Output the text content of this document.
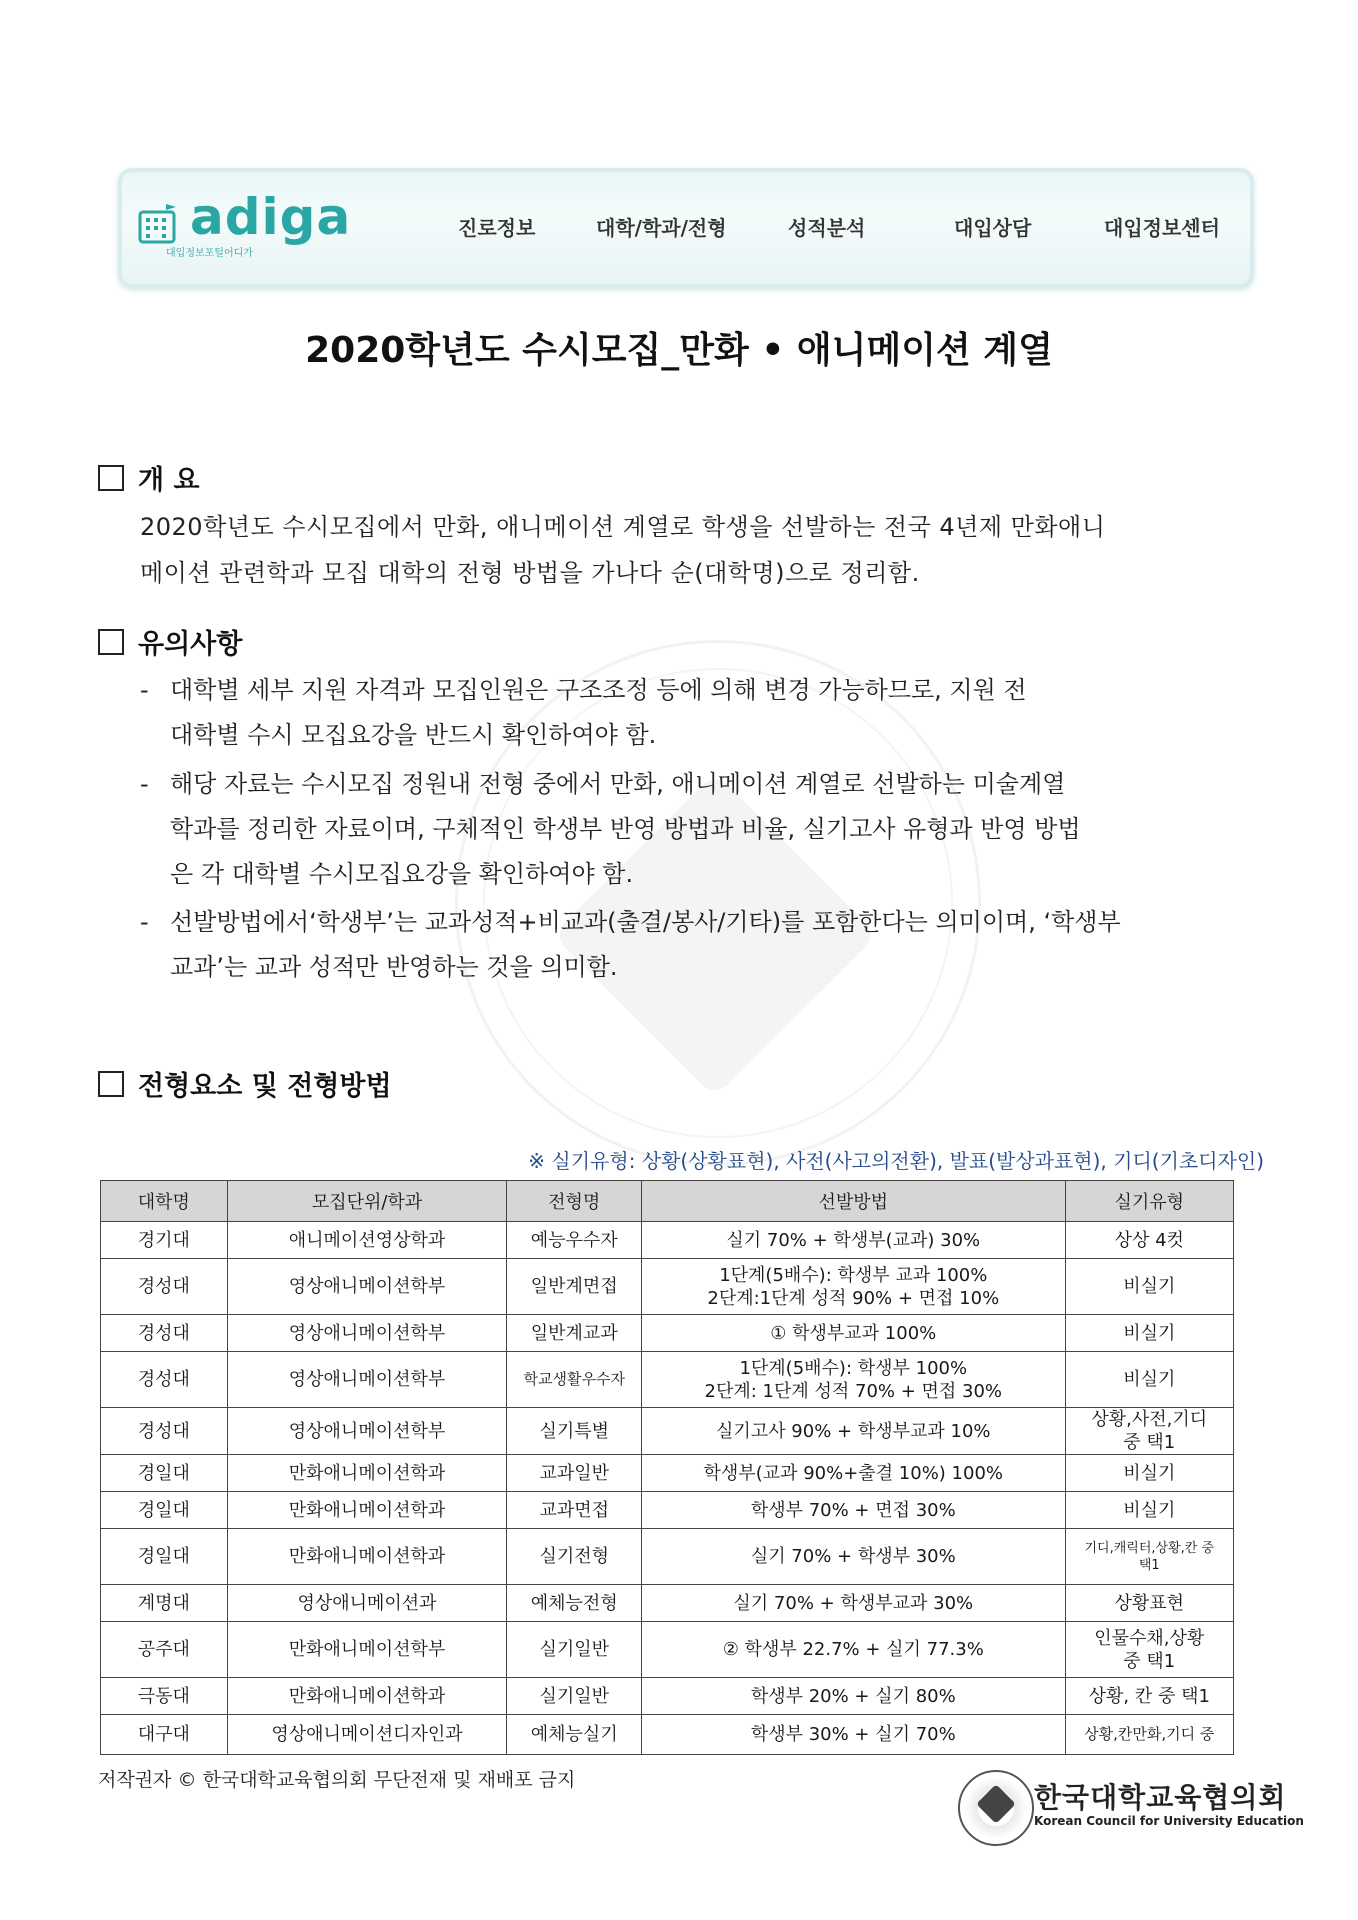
adiga
대입정보포털어디가
진로정보	대학/학과/전형	성적분석	대입상담	대입정보센터
2020학년도 수시모집_만화 • 애니메이션 계열
개 요
2020학년도 수시모집에서 만화, 애니메이션 계열로 학생을 선발하는 전국 4년제 만화애니
메이션 관련학과 모집 대학의 전형 방법을 가나다 순(대학명)으로 정리함.
유의사항
- 대학별 세부 지원 자격과 모집인원은 구조조정 등에 의해 변경 가능하므로, 지원 전
대학별 수시 모집요강을 반드시 확인하여야 함.
- 해당 자료는 수시모집 정원내 전형 중에서 만화, 애니메이션 계열로 선발하는 미술계열
학과를 정리한 자료이며, 구체적인 학생부 반영 방법과 비율, 실기고사 유형과 반영 방법
은 각 대학별 수시모집요강을 확인하여야 함.
- 선발방법에서‘학생부’는 교과성적+비교과(출결/봉사/기타)를 포함한다는 의미이며, ‘학생부
교과’는 교과 성적만 반영하는 것을 의미함.
전형요소 및 전형방법
※ 실기유형: 상황(상황표현), 사전(사고의전환), 발표(발상과표현), 기디(기초디자인)
대학명	모집단위/학과	전형명	선발방법	실기유형
경기대	애니메이션영상학과	예능우수자	실기 70% + 학생부(교과) 30%	상상 4컷

경성대	영상애니메이션학부	일반계면접	1단계(5배수): 학생부 교과 100%
2단계:1단계 성적 90% + 면접 10%	비실기

경성대	영상애니메이션학부	일반계교과	① 학생부교과 100%	비실기

경성대	영상애니메이션학부	학교생활우수자	1단계(5배수): 학생부 100%
2단계: 1단계 성적 70% + 면접 30%	비실기

경성대	영상애니메이션학부	실기특별	실기고사 90% + 학생부교과 10%	상황,사전,기디
중 택1

경일대	만화애니메이션학과	교과일반	학생부(교과 90%+출결 10%) 100%	비실기

경일대	만화애니메이션학과	교과면접	학생부 70% + 면접 30%	비실기

경일대	만화애니메이션학과	실기전형	실기 70% + 학생부 30%	기디,캐릭터,상황,칸 중
택1

계명대	영상애니메이션과	예체능전형	실기 70% + 학생부교과 30%	상황표현

공주대	만화애니메이션학부	실기일반	② 학생부 22.7% + 실기 77.3%	인물수채,상황
중 택1

극동대	만화애니메이션학과	실기일반	학생부 20% + 실기 80%	상황, 칸 중 택1

대구대	영상애니메이션디자인과	예체능실기	학생부 30% + 실기 70%	상황,칸만화,기디 중
저작권자 © 한국대학교육협의회 무단전재 및 재배포 금지
한국대학교육협의회
Korean Council for University Education
